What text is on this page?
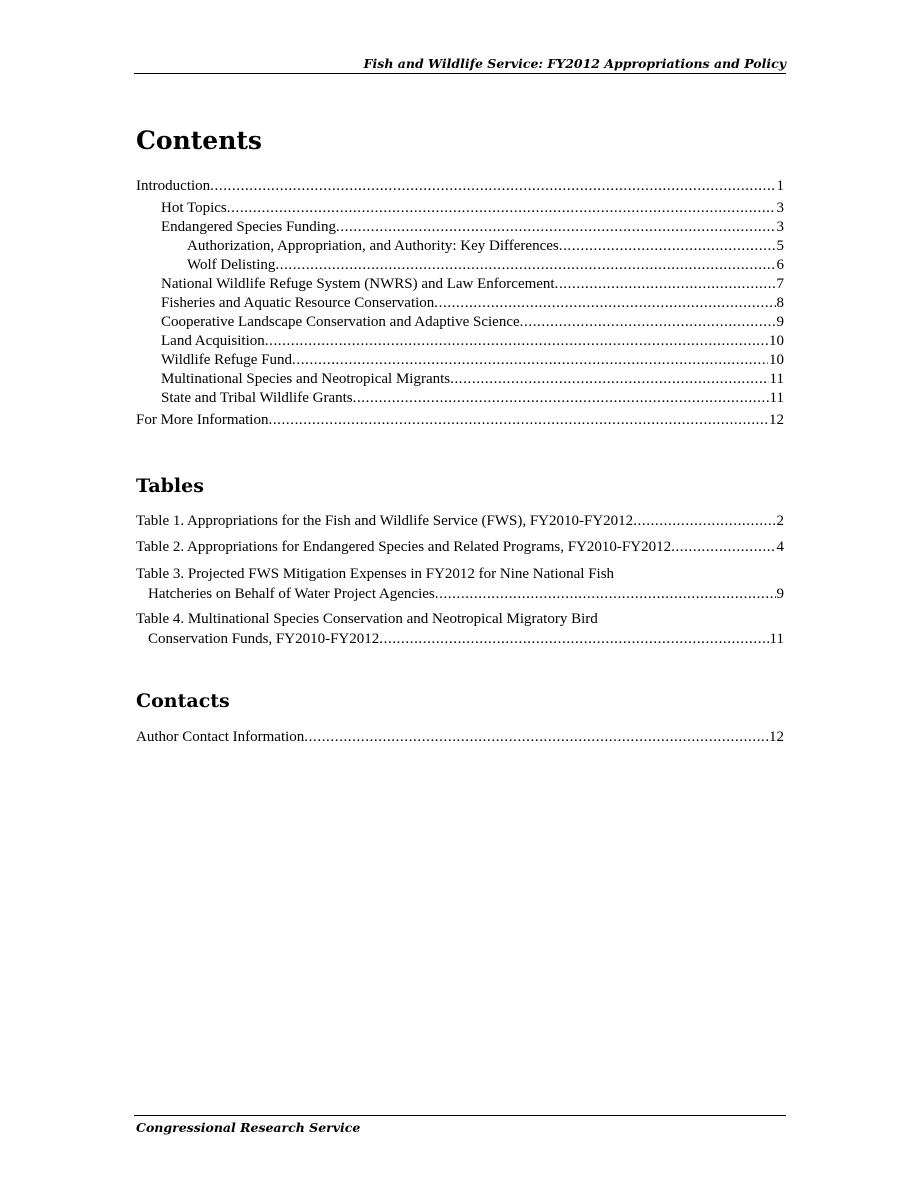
Fish and Wildlife Service: FY2012 Appropriations and Policy
Contents
Introduction .....	1
Hot Topics .....	3
Endangered Species Funding .....	3
Authorization, Appropriation, and Authority: Key Differences .....	5
Wolf Delisting .....	6
National Wildlife Refuge System (NWRS) and Law Enforcement .....	7
Fisheries and Aquatic Resource Conservation .....	8
Cooperative Landscape Conservation and Adaptive Science .....	9
Land Acquisition .....	10
Wildlife Refuge Fund .....	10
Multinational Species and Neotropical Migrants .....	11
State and Tribal Wildlife Grants .....	11
For More Information .....	12
Tables
Table 1. Appropriations for the Fish and Wildlife Service (FWS), FY2010-FY2012 .....	2
Table 2. Appropriations for Endangered Species and Related Programs, FY2010-FY2012 .....	4
Table 3. Projected FWS Mitigation Expenses in FY2012 for Nine National Fish
Hatcheries on Behalf of Water Project Agencies .....	9
Table 4. Multinational Species Conservation and Neotropical Migratory Bird
Conservation Funds, FY2010-FY2012 .....	11
Contacts
Author Contact Information .....	12
Congressional Research Service
